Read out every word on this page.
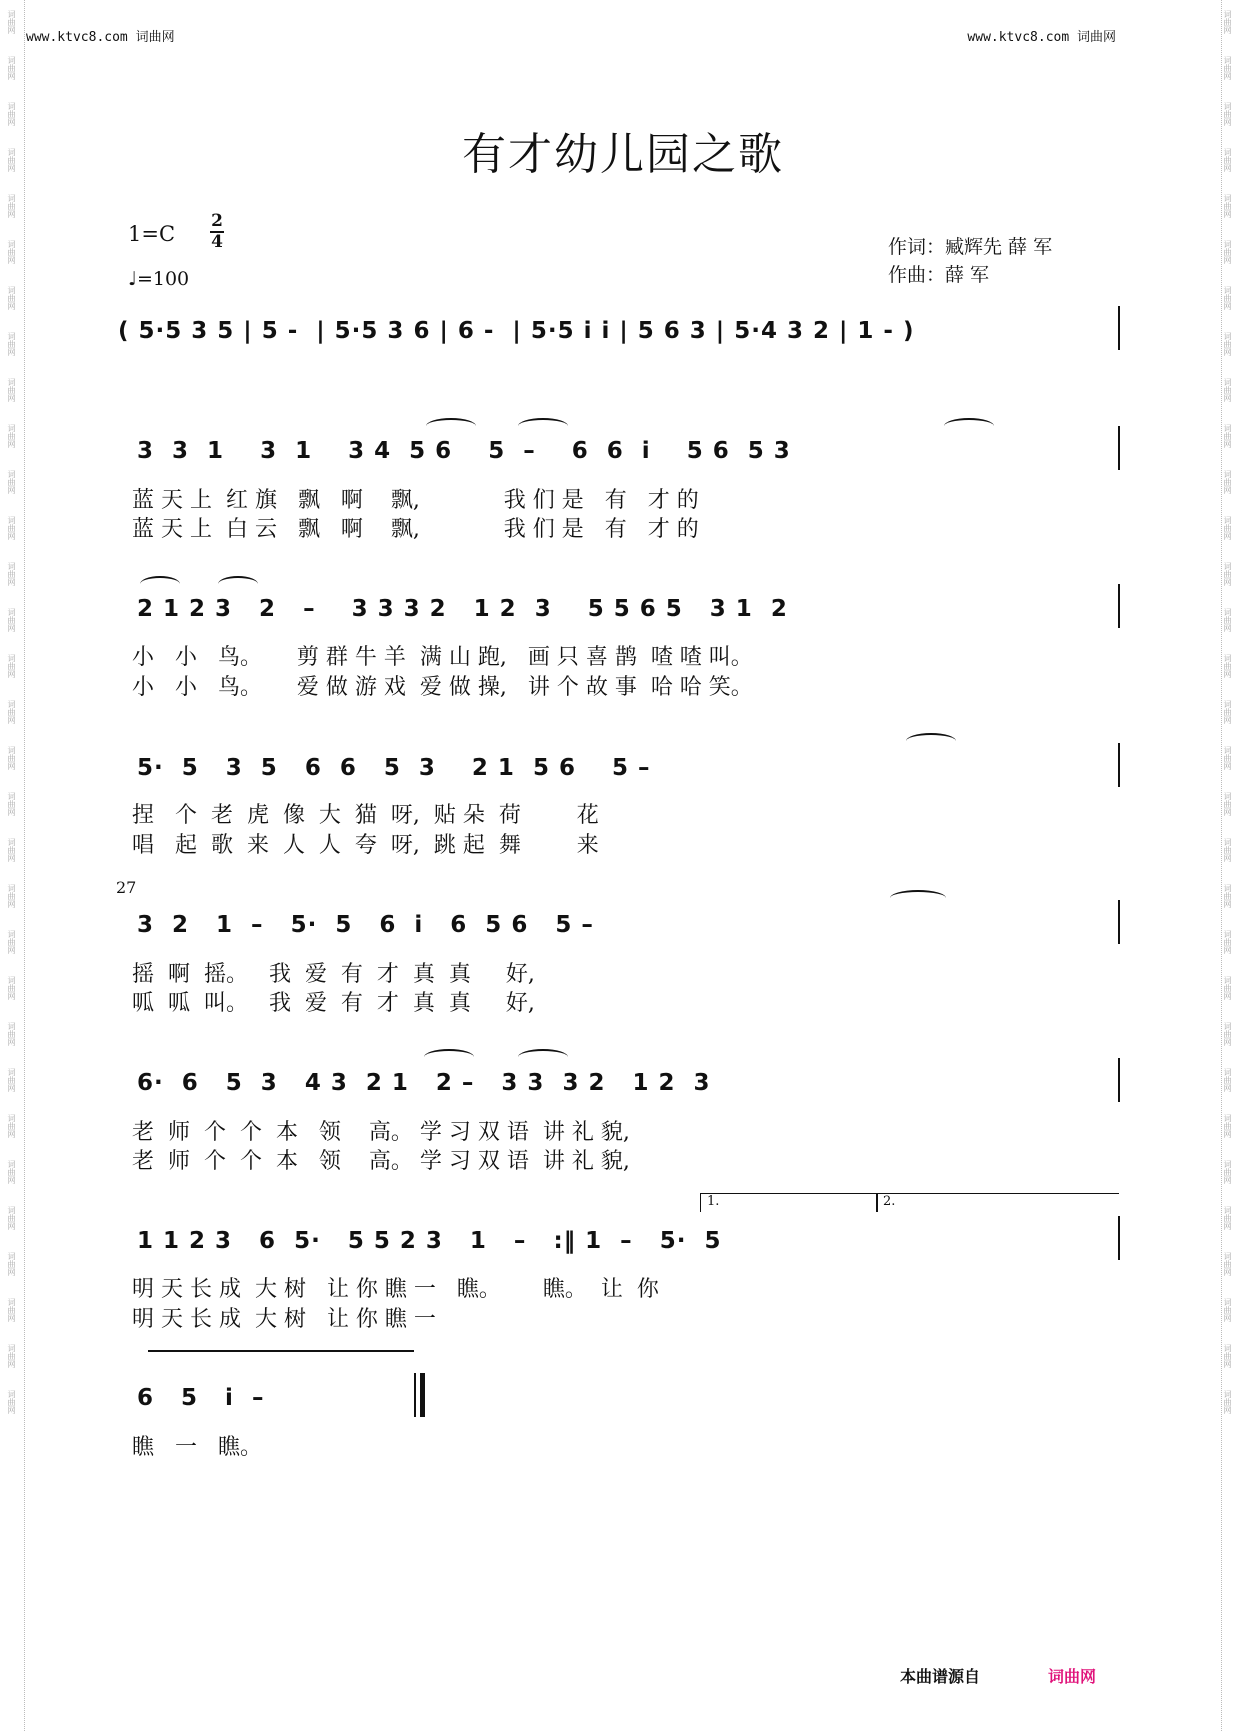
词曲网
词曲网
词曲网
词曲网
词曲网
词曲网
词曲网
词曲网
词曲网
词曲网
词曲网
词曲网
词曲网
词曲网
词曲网
词曲网
词曲网
词曲网
词曲网
词曲网
词曲网
词曲网
词曲网
词曲网
词曲网
词曲网
词曲网
词曲网
词曲网
词曲网
词曲网
词曲网
词曲网
词曲网
词曲网
词曲网
词曲网
词曲网
词曲网
词曲网
词曲网
词曲网
词曲网
词曲网
词曲网
词曲网
词曲网
词曲网
词曲网
词曲网
词曲网
词曲网
词曲网
词曲网
词曲网
词曲网
词曲网
词曲网
词曲网
词曲网
词曲网
词曲网
www.ktvc8.com 词曲网	www.ktvc8.com 词曲网
有才幼儿园之歌
1=C
2
4
♩=100
作词：臧辉先 薛 军
作曲：薛 军
( 5·5 3 5 | 5 -  | 5·5 3 6 | 6 -  | 5·5 i i | 5 6 3 | 5·4 3 2 | 1 - )
3  3  1    3  1    3 4  5 6    5  –    6  6  i    5 6  5 3
蓝 天 上  红 旗   飘   啊    飘,            我 们 是   有   才 的
蓝 天 上  白 云   飘   啊    飘,            我 们 是   有   才 的
2 1 2 3   2   –    3 3 3 2   1 2  3    5 5 6 5   3 1  2
小   小   鸟。     剪 群 牛 羊  满 山 跑,   画 只 喜 鹊  喳 喳 叫。
小   小   鸟。     爱 做 游 戏  爱 做 操,   讲 个 故 事  哈 哈 笑。
5·  5   3  5   6  6   5  3    2 1  5 6    5 –
捏   个  老  虎  像  大  猫  呀,  贴 朵  荷        花
唱   起  歌  来  人  人  夸  呀,  跳 起  舞        来
27
3  2   1  –   5·  5   6  i   6  5 6   5 –
摇  啊  摇。   我  爱  有  才  真  真     好,
呱  呱  叫。   我  爱  有  才  真  真     好,
6·  6   5  3   4 3  2 1   2 –   3 3  3 2   1 2  3
老  师  个  个  本   领    高。 学 习 双 语  讲 礼 貌,
老  师  个  个  本   领    高。 学 习 双 语  讲 礼 貌,
1.	2.
1 1 2 3   6  5·   5 5 2 3   1   –   :‖ 1  –   5·  5
明 天 长 成  大 树   让 你 瞧 一   瞧。      瞧。  让  你
明 天 长 成  大 树   让 你 瞧 一
6   5   i  –
瞧   一   瞧。
本曲谱源自	词曲网
